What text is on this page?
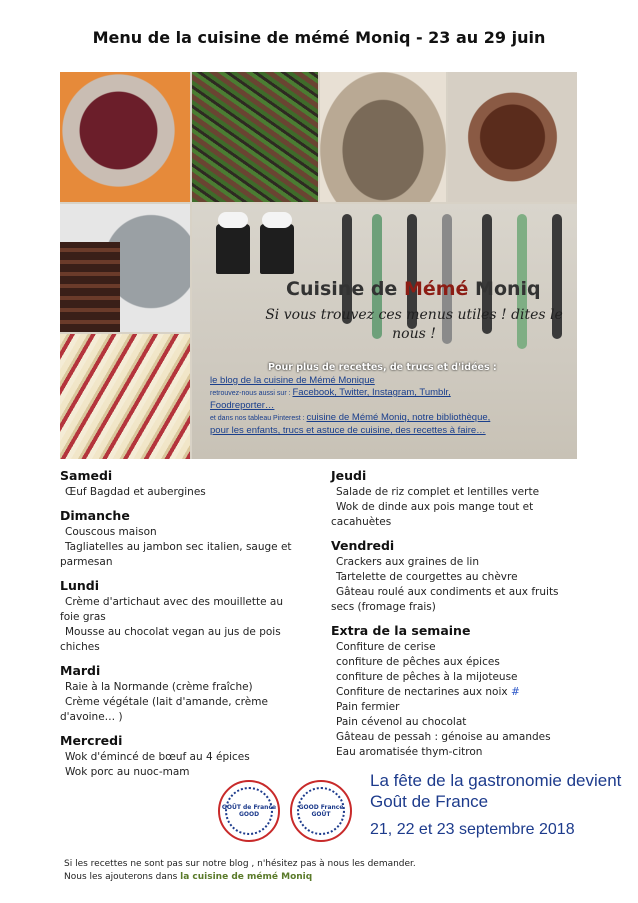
Menu de la cuisine de mémé Moniq - 23 au 29 juin
Cuisine de Mémé Moniq
Si vous trouvez ces menus utiles ! dites le nous !
Pour plus de recettes, de trucs et d'idées :
le blog de la cuisine de Mémé Monique
retrouvez-nous aussi sur : Facebook, Twitter, Instagram, Tumblr, Foodreporter…
et dans nos tableau Pinterest : cuisine de Mémé Moniq, notre bibliothèque, pour les enfants, trucs et astuce de cuisine, des recettes à faire…
Samedi
Œuf Bagdad et aubergines
Dimanche
Couscous maison
Tagliatelles au jambon sec italien, sauge et parmesan
Lundi
Crème d'artichaut avec des mouillette au foie gras
Mousse au chocolat vegan au jus de pois chiches
Mardi
Raie à la Normande (crème fraîche)
Crème végétale (lait d'amande, crème d'avoine… )
Mercredi
Wok d'émincé de bœuf au 4 épices
Wok porc au nuoc-mam
Jeudi
Salade de riz complet et lentilles verte
Wok de dinde aux pois mange tout et cacahuètes
Vendredi
Crackers aux graines de lin
Tartelette de courgettes au chèvre
Gâteau roulé aux condiments et aux fruits secs (fromage frais)
Extra de la semaine
Confiture de cerise
confiture de pêches aux épices
confiture de pêches à la mijoteuse
Confiture de nectarines aux noix #
Pain fermier
Pain cévenol au chocolat
Gâteau de pessah : génoise au amandes
Eau aromatisée thym-citron
GOÛT de France GOOD
GOOD France GOÛT
La fête de la gastronomie devient
Goût de France
21, 22 et 23 septembre 2018
Si les recettes ne sont pas sur notre blog , n'hésitez pas à nous les demander.
Nous les ajouterons dans la cuisine de mémé Moniq
